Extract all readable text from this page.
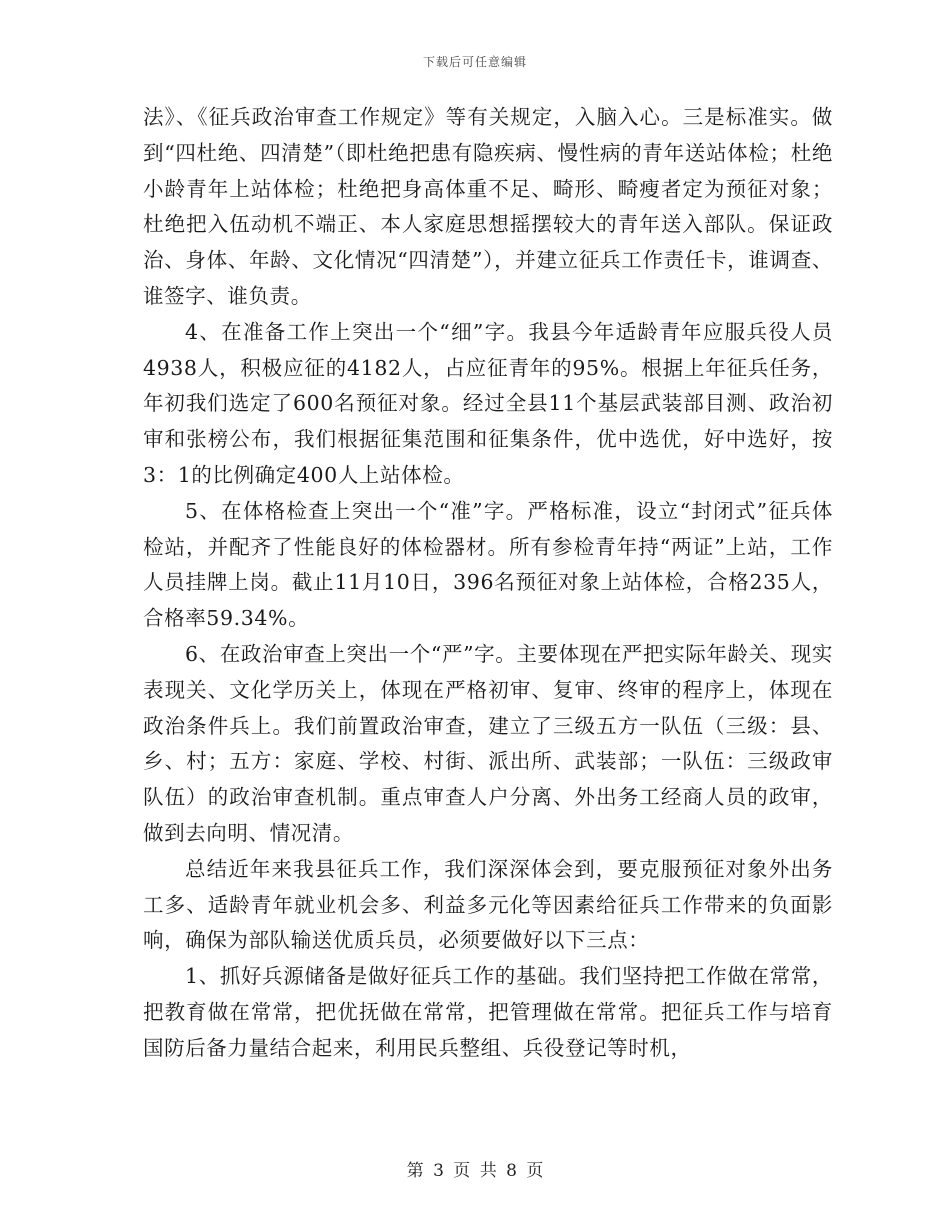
下载后可任意编辑

法》、《征兵政治审查工作规定》等有关规定，入脑入心。三是标准实。做到“四杜绝、四清楚”（即杜绝把患有隐疾病、慢性病的青年送站体检；杜绝小龄青年上站体检；杜绝把身高体重不足、畸形、畸瘦者定为预征对象；杜绝把入伍动机不端正、本人家庭思想摇摆较大的青年送入部队。保证政治、身体、年龄、文化情况“四清楚”），并建立征兵工作责任卡，谁调查、谁签字、谁负责。

4、在准备工作上突出一个“细”字。我县今年适龄青年应服兵役人员4938人，积极应征的4182人，占应征青年的95%。根据上年征兵任务，年初我们选定了600名预征对象。经过全县11个基层武装部目测、政治初审和张榜公布，我们根据征集范围和征集条件，优中选优，好中选好，按3：1的比例确定400人上站体检。

5、在体格检查上突出一个“准”字。严格标准，设立“封闭式”征兵体检站，并配齐了性能良好的体检器材。所有参检青年持“两证”上站，工作人员挂牌上岗。截止11月10日，396名预征对象上站体检，合格235人，合格率59.34%。

6、在政治审查上突出一个“严”字。主要体现在严把实际年龄关、现实表现关、文化学历关上，体现在严格初审、复审、终审的程序上，体现在政治条件兵上。我们前置政治审查，建立了三级五方一队伍（三级：县、乡、村；五方：家庭、学校、村街、派出所、武装部；一队伍：三级政审队伍）的政治审查机制。重点审查人户分离、外出务工经商人员的政审，做到去向明、情况清。

总结近年来我县征兵工作，我们深深体会到，要克服预征对象外出务工多、适龄青年就业机会多、利益多元化等因素给征兵工作带来的负面影响，确保为部队输送优质兵员，必须要做好以下三点：

1、抓好兵源储备是做好征兵工作的基础。我们坚持把工作做在常常，把教育做在常常，把优抚做在常常，把管理做在常常。把征兵工作与培育国防后备力量结合起来，利用民兵整组、兵役登记等时机，

第 3 页 共 8 页
